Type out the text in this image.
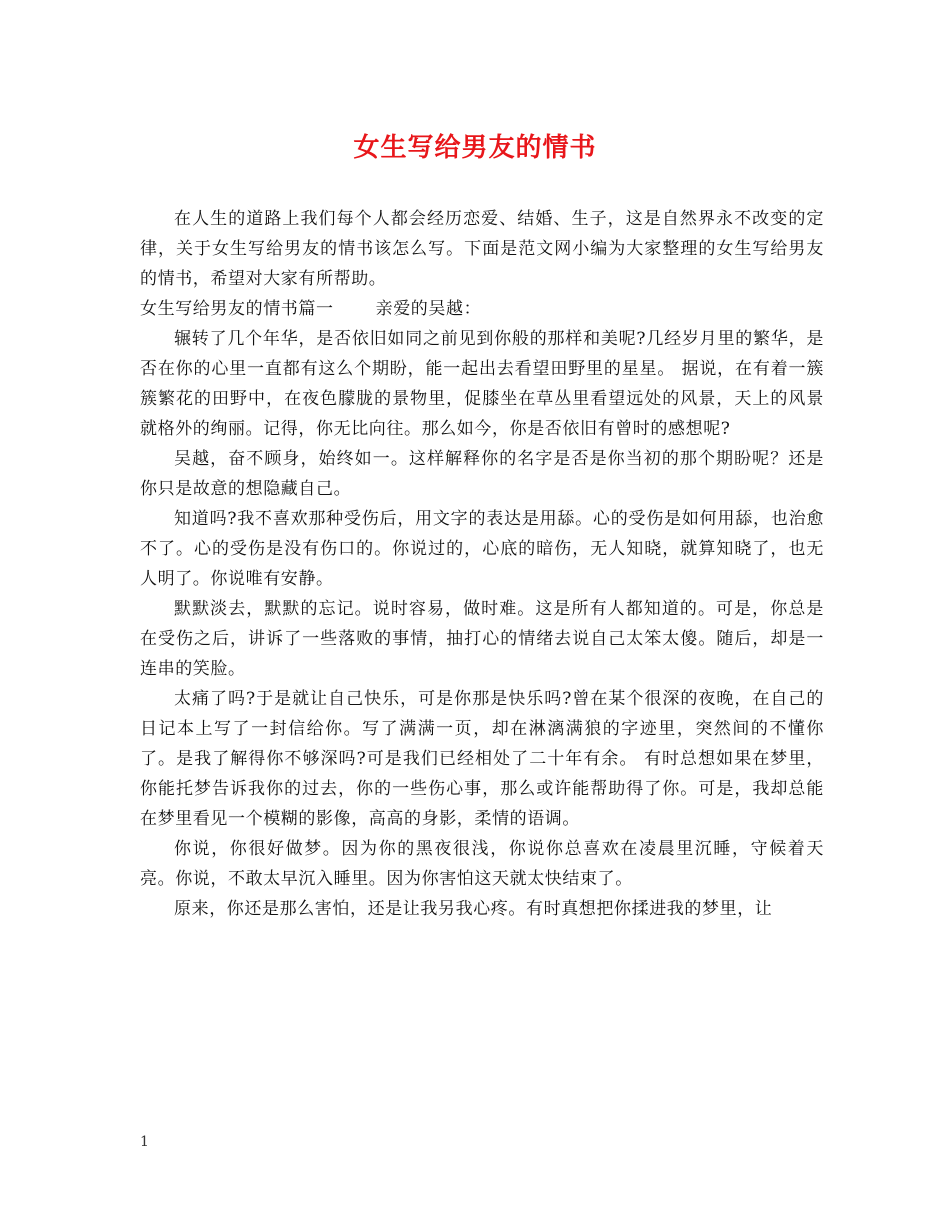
女生写给男友的情书

在人生的道路上我们每个人都会经历恋爱、结婚、生子，这是自然界永不改变的定律，关于女生写给男友的情书该怎么写。下面是范文网小编为大家整理的女生写给男友的情书，希望对大家有所帮助。

女生写给男友的情书篇一 亲爱的吴越：

辗转了几个年华，是否依旧如同之前见到你般的那样和美呢?几经岁月里的繁华，是否在你的心里一直都有这么个期盼，能一起出去看望田野里的星星。 据说，在有着一簇簇繁花的田野中，在夜色朦胧的景物里，促膝坐在草丛里看望远处的风景，天上的风景就格外的绚丽。记得，你无比向往。那么如今，你是否依旧有曾时的感想呢?

吴越，奋不顾身，始终如一。这样解释你的名字是否是你当初的那个期盼呢？还是你只是故意的想隐藏自己。

知道吗?我不喜欢那种受伤后，用文字的表达是用舔。心的受伤是如何用舔，也治愈不了。心的受伤是没有伤口的。你说过的，心底的暗伤，无人知晓，就算知晓了，也无人明了。你说唯有安静。

默默淡去，默默的忘记。说时容易，做时难。这是所有人都知道的。可是，你总是在受伤之后，讲诉了一些落败的事情，抽打心的情绪去说自己太笨太傻。随后，却是一连串的笑脸。

太痛了吗?于是就让自己快乐，可是你那是快乐吗?曾在某个很深的夜晚，在自己的日记本上写了一封信给你。写了满满一页，却在淋漓满狼的字迹里，突然间的不懂你了。是我了解得你不够深吗?可是我们已经相处了二十年有余。 有时总想如果在梦里，你能托梦告诉我你的过去，你的一些伤心事，那么或许能帮助得了你。可是，我却总能在梦里看见一个模糊的影像，高高的身影，柔情的语调。

你说，你很好做梦。因为你的黑夜很浅，你说你总喜欢在凌晨里沉睡，守候着天亮。你说，不敢太早沉入睡里。因为你害怕这天就太快结束了。

原来，你还是那么害怕，还是让我另我心疼。有时真想把你揉进我的梦里，让

1
